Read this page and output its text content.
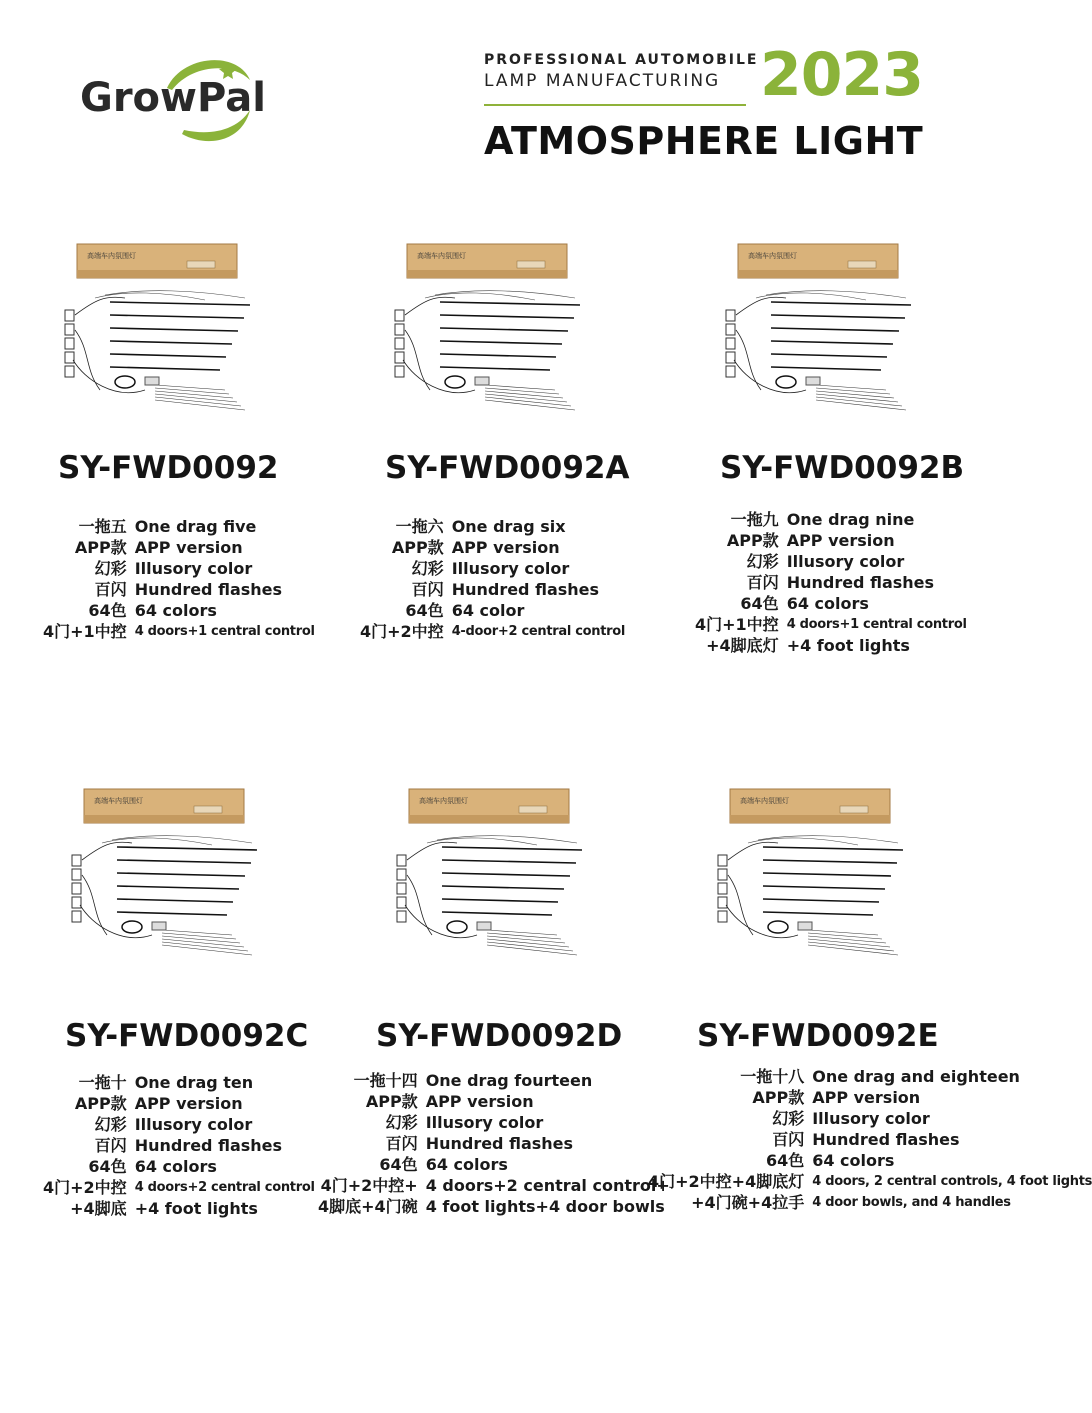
GrowPal
PROFESSIONAL AUTOMOBILE
LAMP MANUFACTURING 2023
ATMOSPHERE LIGHT
高端车内氛围灯
SY-FWD0092
一拖五	One drag five
APP款	APP version
幻彩	Illusory color
百闪	Hundred flashes
64色	64 colors
4门+1中控	4 doors+1 central control
高端车内氛围灯
SY-FWD0092A
一拖六	One drag six
APP款	APP version
幻彩	Illusory color
百闪	Hundred flashes
64色	64 color
4门+2中控	4-door+2 central control
高端车内氛围灯
SY-FWD0092B
一拖九	One drag nine
APP款	APP version
幻彩	Illusory color
百闪	Hundred flashes
64色	64 colors
4门+1中控	4 doors+1 central control
+4脚底灯	+4 foot lights
高端车内氛围灯
SY-FWD0092C
一拖十	One drag ten
APP款	APP version
幻彩	Illusory color
百闪	Hundred flashes
64色	64 colors
4门+2中控	4 doors+2 central control
+4脚底	+4 foot lights
高端车内氛围灯
SY-FWD0092D
一拖十四	One drag fourteen
APP款	APP version
幻彩	Illusory color
百闪	Hundred flashes
64色	64 colors
4门+2中控+	4 doors+2 central control+
4脚底+4门碗	4 foot lights+4 door bowls
高端车内氛围灯
SY-FWD0092E
一拖十八	One drag and eighteen
APP款	APP version
幻彩	Illusory color
百闪	Hundred flashes
64色	64 colors
4门+2中控+4脚底灯	4 doors, 2 central controls, 4 foot lights
+4门碗+4拉手	4 door bowls, and 4 handles
